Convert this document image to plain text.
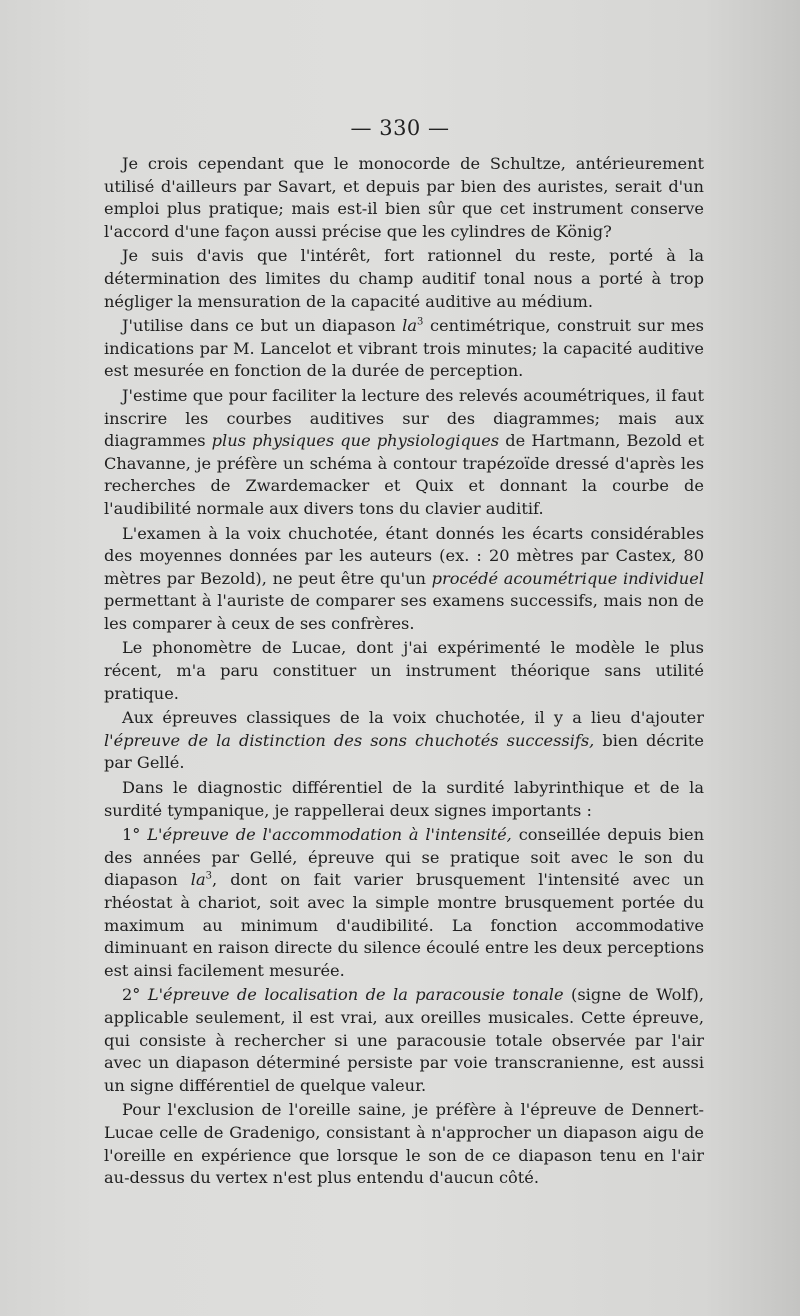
— 330 —

Je crois cependant que le monocorde de Schultze, antérieurement utilisé d'ailleurs par Savart, et depuis par bien des auristes, serait d'un emploi plus pratique; mais est-il bien sûr que cet instrument conserve l'accord d'une façon aussi précise que les cylindres de König?

Je suis d'avis que l'intérêt, fort rationnel du reste, porté à la détermination des limites du champ auditif tonal nous a porté à trop négliger la mensuration de la capacité auditive au médium.

J'utilise dans ce but un diapason $la^3$ centimétrique, construit sur mes indications par M. Lancelot et vibrant trois minutes; la capacité auditive est mesurée en fonction de la durée de perception.

J'estime que pour faciliter la lecture des relevés acoumétriques, il faut inscrire les courbes auditives sur des diagrammes; mais aux diagrammes plus physiques que physiologiques de Hartmann, Bezold et Chavanne, je préfère un schéma à contour trapézoïde dressé d'après les recherches de Zwardemacker et Quix et donnant la courbe de l'audibilité normale aux divers tons du clavier auditif.

L'examen à la voix chuchotée, étant donnés les écarts considérables des moyennes données par les auteurs (ex. : 20 mètres par Castex, 80 mètres par Bezold), ne peut être qu'un procédé acoumétrique individuel permettant à l'auriste de comparer ses examens successifs, mais non de les comparer à ceux de ses confrères.

Le phonomètre de Lucae, dont j'ai expérimenté le modèle le plus récent, m'a paru constituer un instrument théorique sans utilité pratique.

Aux épreuves classiques de la voix chuchotée, il y a lieu d'ajouter l'épreuve de la distinction des sons chuchotés successifs, bien décrite par Gellé.

Dans le diagnostic différentiel de la surdité labyrinthique et de la surdité tympanique, je rappellerai deux signes importants :

1° L'épreuve de l'accommodation à l'intensité, conseillée depuis bien des années par Gellé, épreuve qui se pratique soit avec le son du diapason $la^3$, dont on fait varier brusquement l'intensité avec un rhéostat à chariot, soit avec la simple montre brusquement portée du maximum au minimum d'audibilité. La fonction accommodative diminuant en raison directe du silence écoulé entre les deux perceptions est ainsi facilement mesurée.

2° L'épreuve de localisation de la paracousie tonale (signe de Wolf), applicable seulement, il est vrai, aux oreilles musicales. Cette épreuve, qui consiste à rechercher si une paracousie totale observée par l'air avec un diapason déterminé persiste par voie transcranienne, est aussi un signe différentiel de quelque valeur.

Pour l'exclusion de l'oreille saine, je préfère à l'épreuve de Dennert-Lucae celle de Gradenigo, consistant à n'approcher un diapason aigu de l'oreille en expérience que lorsque le son de ce diapason tenu en l'air au-dessus du vertex n'est plus entendu d'aucun côté.
